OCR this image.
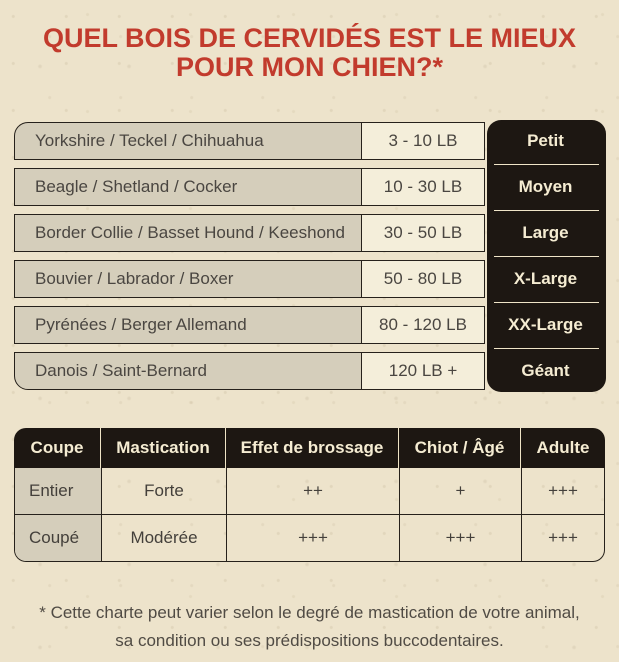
QUEL BOIS DE CERVIDÉS EST LE MIEUX
POUR MON CHIEN?*
Yorkshire / Teckel / Chihuahua	3 - 10 LB	Petit
Beagle / Shetland / Cocker	10 - 30 LB	Moyen
Border Collie / Basset Hound / Keeshond	30 - 50 LB	Large
Bouvier / Labrador / Boxer	50 - 80 LB	X-Large
Pyrénées / Berger Allemand	80 - 120 LB	XX-Large
Danois / Saint-Bernard	120 LB +	Géant
Coupe	Mastication	Effet de brossage	Chiot / Âgé	Adulte
Entier	Forte	++	+	+++
Coupé	Modérée	+++	+++	+++
* Cette charte peut varier selon le degré de mastication de votre animal,
sa condition ou ses prédispositions buccodentaires.
